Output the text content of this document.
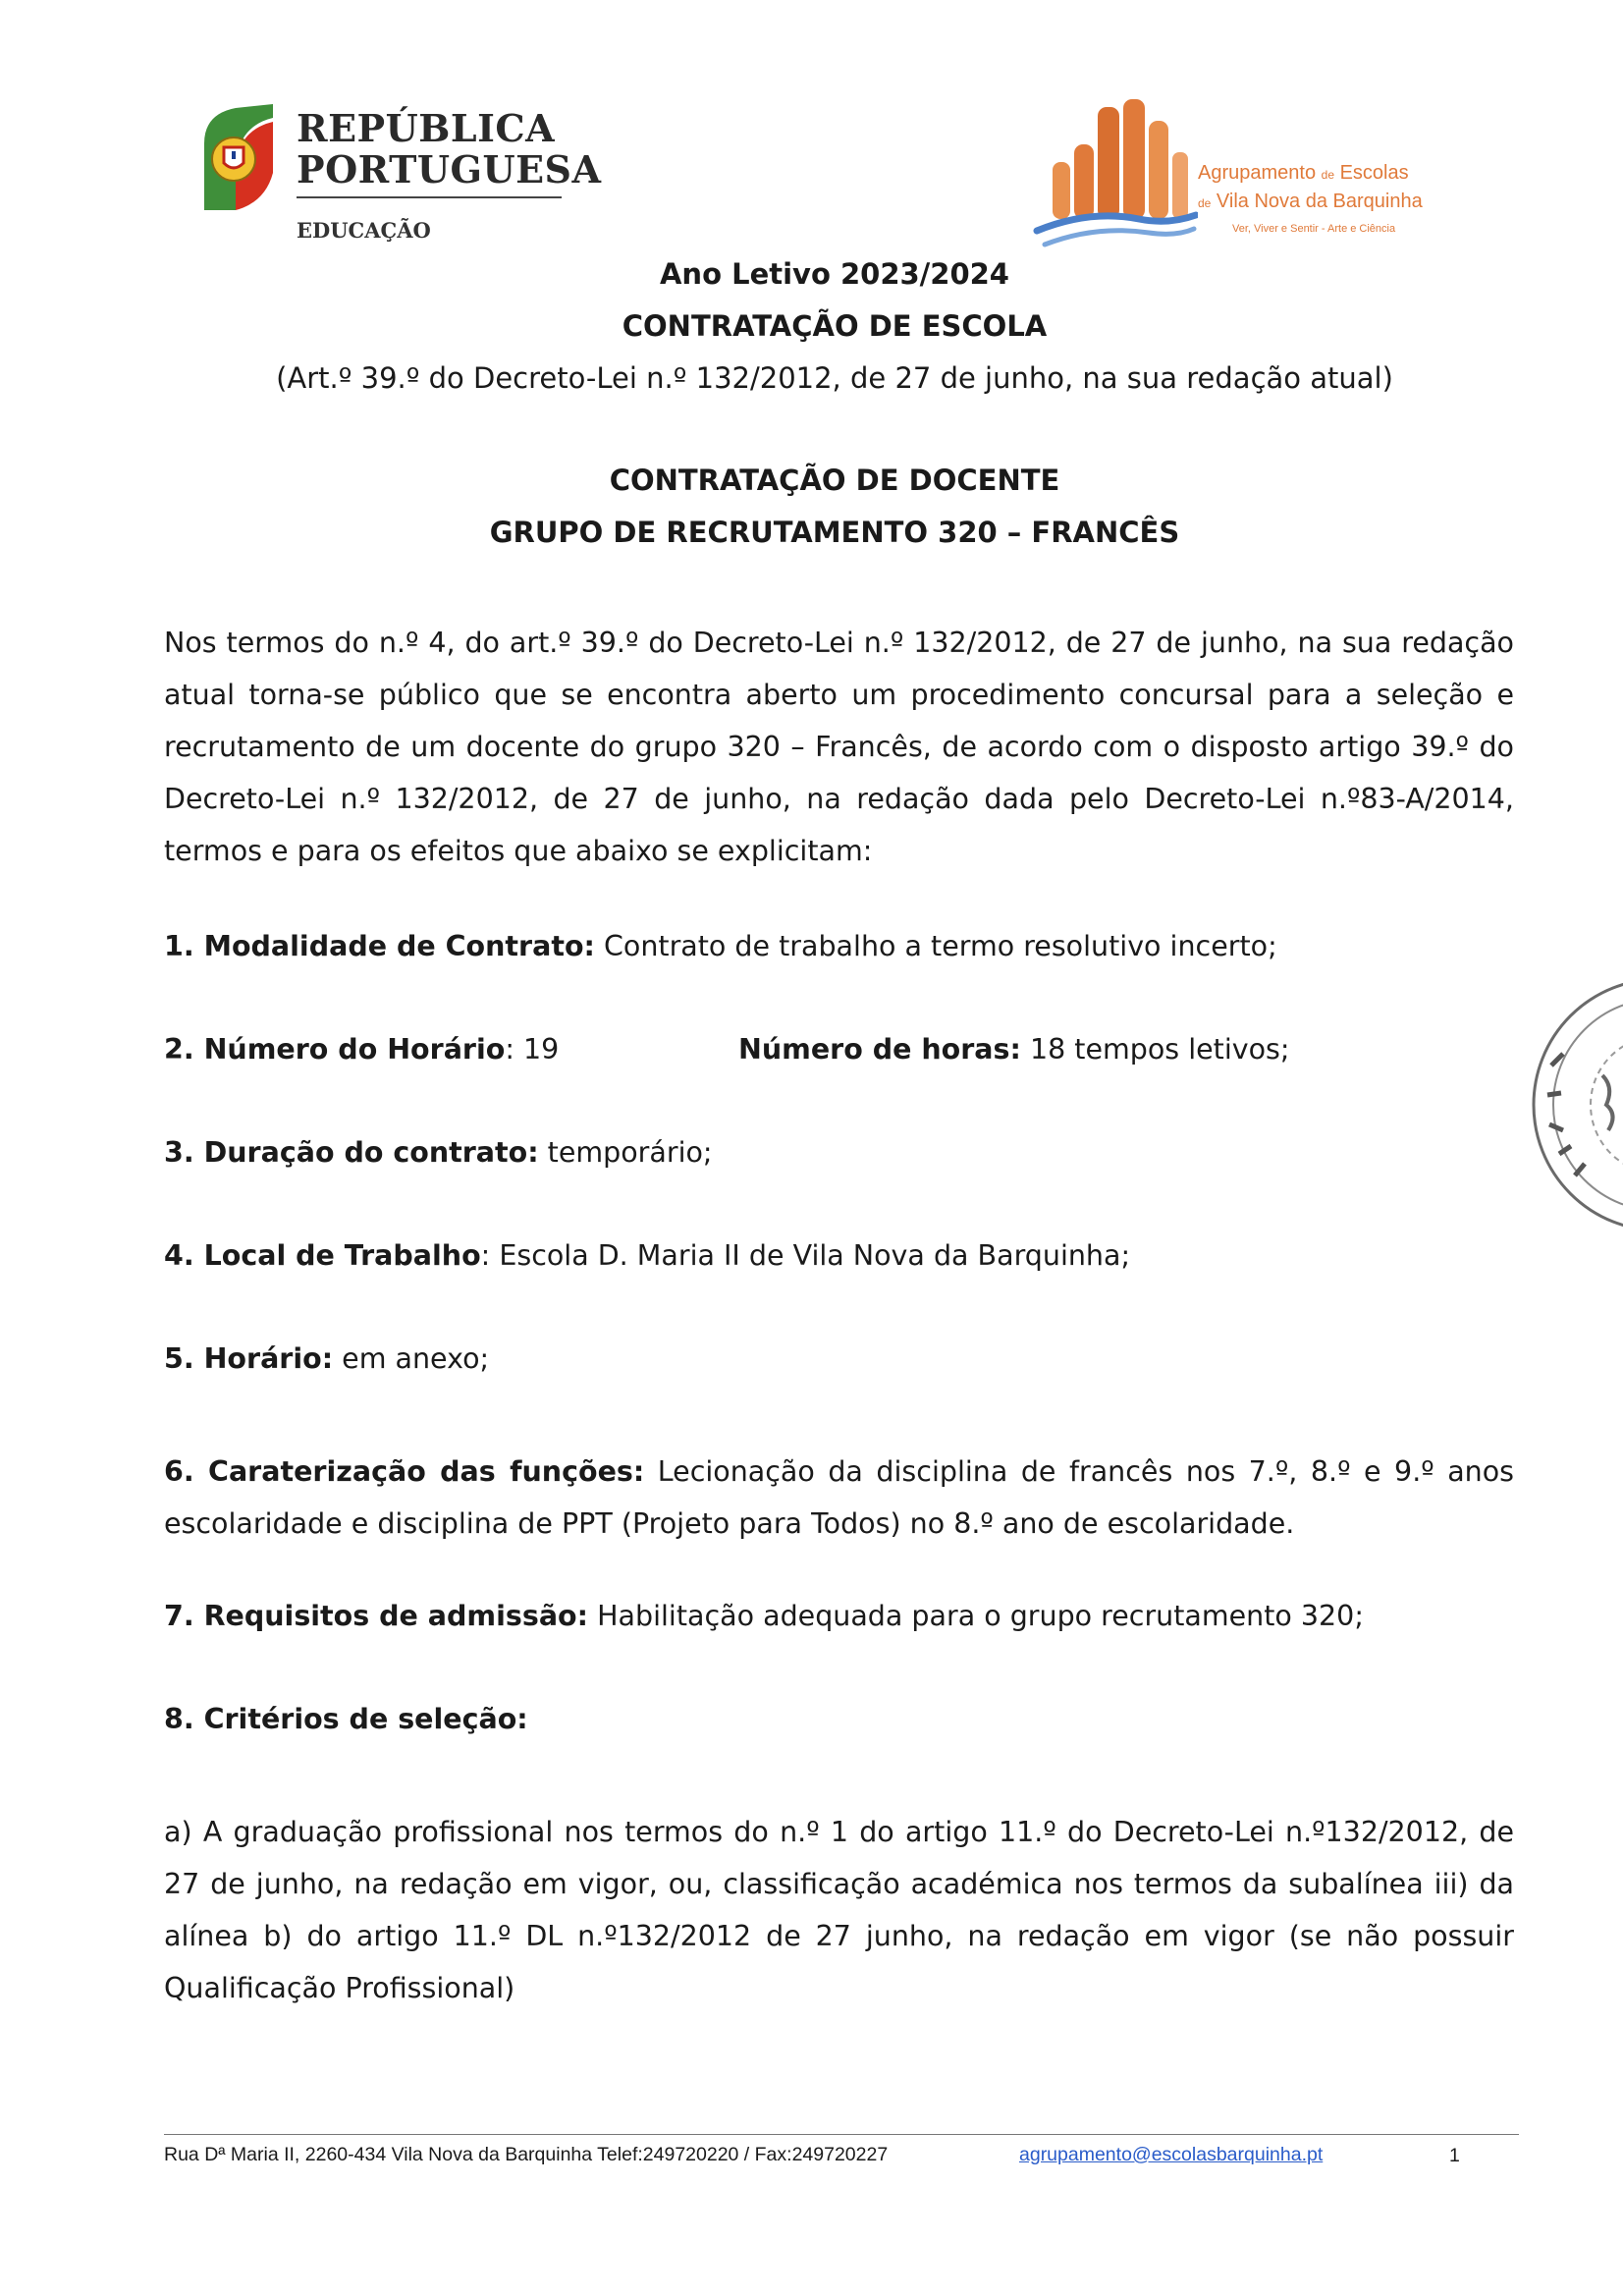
REPÚBLICA
PORTUGUESA
EDUCAÇÃO
Agrupamento de Escolas
de Vila Nova da Barquinha
Ver, Viver e Sentir - Arte e Ciência
Ano Letivo 2023/2024
CONTRATAÇÃO DE ESCOLA
(Art.º 39.º do Decreto-Lei n.º 132/2012, de 27 de junho, na sua redação atual)
CONTRATAÇÃO DE DOCENTE
GRUPO DE RECRUTAMENTO 320 – FRANCÊS

Nos termos do n.º 4, do art.º 39.º do Decreto-Lei n.º 132/2012, de 27 de junho, na sua redação atual torna-se público que se encontra aberto um procedimento concursal para a seleção e recrutamento de um docente do grupo 320 – Francês, de acordo com o disposto artigo 39.º do Decreto-Lei n.º 132/2012, de 27 de junho, na redação dada pelo Decreto-Lei n.º83-A/2014, termos e para os efeitos que abaixo se explicitam:

1. Modalidade de Contrato: Contrato de trabalho a termo resolutivo incerto;
2. Número do Horário: 19	Número de horas: 18 tempos letivos;
3. Duração do contrato: temporário;
4. Local de Trabalho: Escola D. Maria II de Vila Nova da Barquinha;
5. Horário: em anexo;
6. Caraterização das funções: Lecionação da disciplina de francês nos 7.º, 8.º e 9.º anos escolaridade e disciplina de PPT (Projeto para Todos) no 8.º ano de escolaridade.
7. Requisitos de admissão: Habilitação adequada para o grupo recrutamento 320;
8. Critérios de seleção:

a) A graduação profissional nos termos do n.º 1 do artigo 11.º do Decreto-Lei n.º132/2012, de 27 de junho, na redação em vigor, ou, classificação académica nos termos da subalínea iii) da alínea b) do artigo 11.º DL n.º132/2012 de 27 junho, na redação em vigor (se não possuir Qualificação Profissional)

Rua Dª Maria II, 2260-434 Vila Nova da Barquinha Telef:249720220 / Fax:249720227	agrupamento@escolasbarquinha.pt	1
